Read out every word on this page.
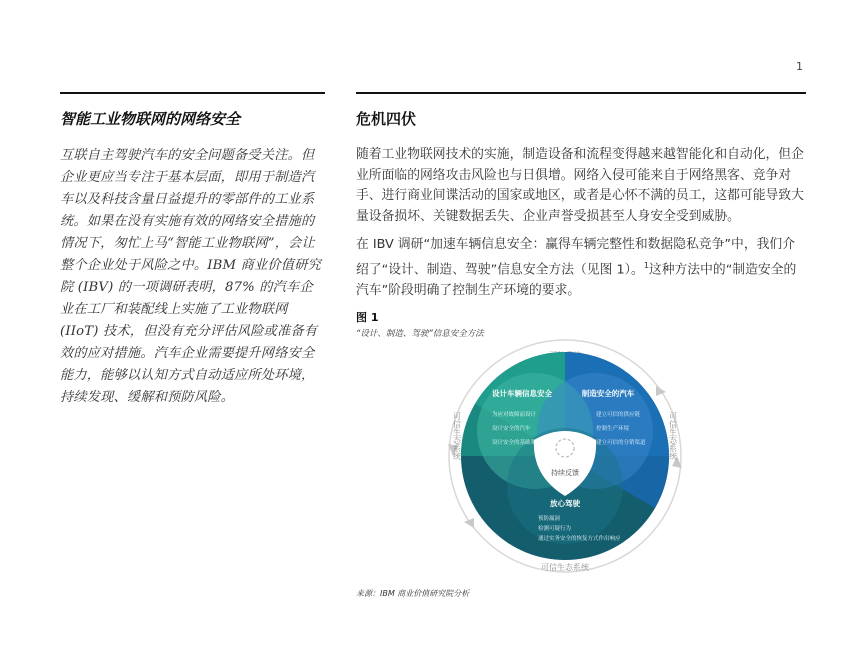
1
智能工业物联网的网络安全

互联自主驾驶汽车的安全问题备受关注。但企业更应当专注于基本层面，即用于制造汽车以及科技含量日益提升的零部件的工业系统。如果在没有实施有效的网络安全措施的情况下，匆忙上马“智能工业物联网”，会让整个企业处于风险之中。IBM 商业价值研究院 (IBV) 的一项调研表明，87% 的汽车企业在工厂和装配线上实施了工业物联网 (IIoT) 技术，但没有充分评估风险或准备有效的应对措施。汽车企业需要提升网络安全能力，能够以认知方式自动适应所处环境，持续发现、缓解和预防风险。

危机四伏

随着工业物联网技术的实施，制造设备和流程变得越来越智能化和自动化，但企业所面临的网络攻击风险也与日俱增。网络入侵可能来自于网络黑客、竞争对手、进行商业间谍活动的国家或地区，或者是心怀不满的员工，这都可能导致大量设备损坏、关键数据丢失、企业声誉受损甚至人身安全受到威胁。

在 IBV 调研“加速车辆信息安全：赢得车辆完整性和数据隐私竞争”中，我们介绍了“设计、制造、驾驶”信息安全方法（见图 1）。$^1$这种方法中的“制造安全的汽车”阶段明确了控制生产环境的要求。

图 1

“设计、制造、驾驶”信息安全方法

可信生态系统
可信生态系统	可信生态系统
持续反馈
设计车辆信息安全
为应对故障而设计 设计安全的汽车 设计安全的基础架构
制造安全的汽车
建立可信的供应链 控制生产环境 建立可信的分销渠道
放心驾驶
预防漏洞 检测可疑行为 通过实务安全的恢复方式作出响应
来源：IBM 商业价值研究院分析
